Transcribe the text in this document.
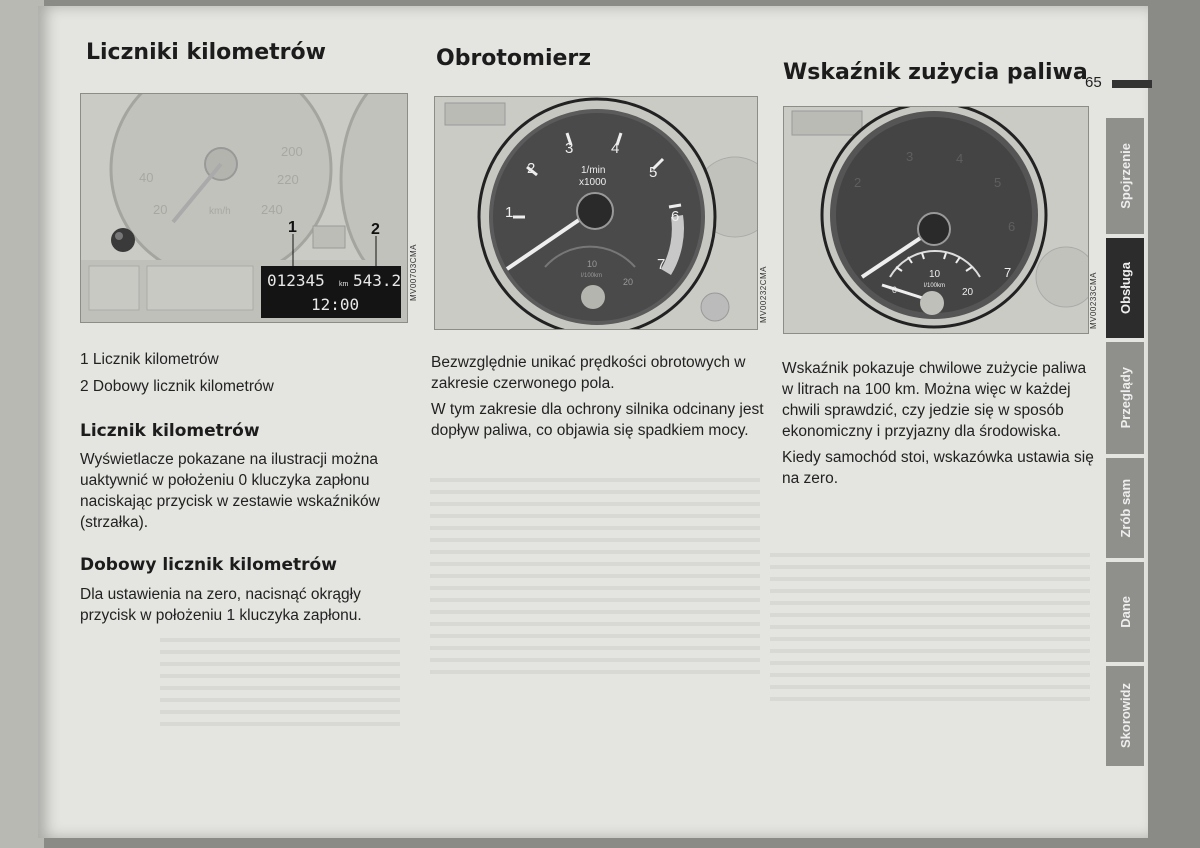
Liczniki kilometrów	Obrotomierz
Wskaźnik zużycia paliwa
65
20
40
200
220
240
km/h
012345 km 543.2
12:00
1	2
MV00703CMA
1
2
3	4
5
6
7
1/min
x1000
10
20
l/100km	MV00232CMA
2
3	4
5
6
10
l/100km
20
7	MV00233CMA

1 Licznik kilometrów

2 Dobowy licznik kilometrów

Licznik kilometrów
Wyświetlacze pokazane na ilustracji można uaktywnić w położeniu 0 kluczyka zapłonu naciskając przycisk w zestawie wskaźników (strzałka).
Dobowy licznik kilometrów
Dla ustawienia na zero, nacisnąć okrągły przycisk w położeniu 1 kluczyka zapłonu.

Bezwzględnie unikać prędkości obrotowych w zakresie czerwonego pola.

W tym zakresie dla ochrony silnika odcinany jest dopływ paliwa, co objawia się spadkiem mocy.

Wskaźnik pokazuje chwilowe zużycie paliwa w litrach na 100 km. Można więc w każdej chwili sprawdzić, czy jedzie się w sposób ekonomiczny i przyjazny dla środowiska.

Kiedy samochód stoi, wskazówka ustawia się na zero.

Spojrzenie
Obsługa
Przeglądy
Zrób sam
Dane
Skorowidz
